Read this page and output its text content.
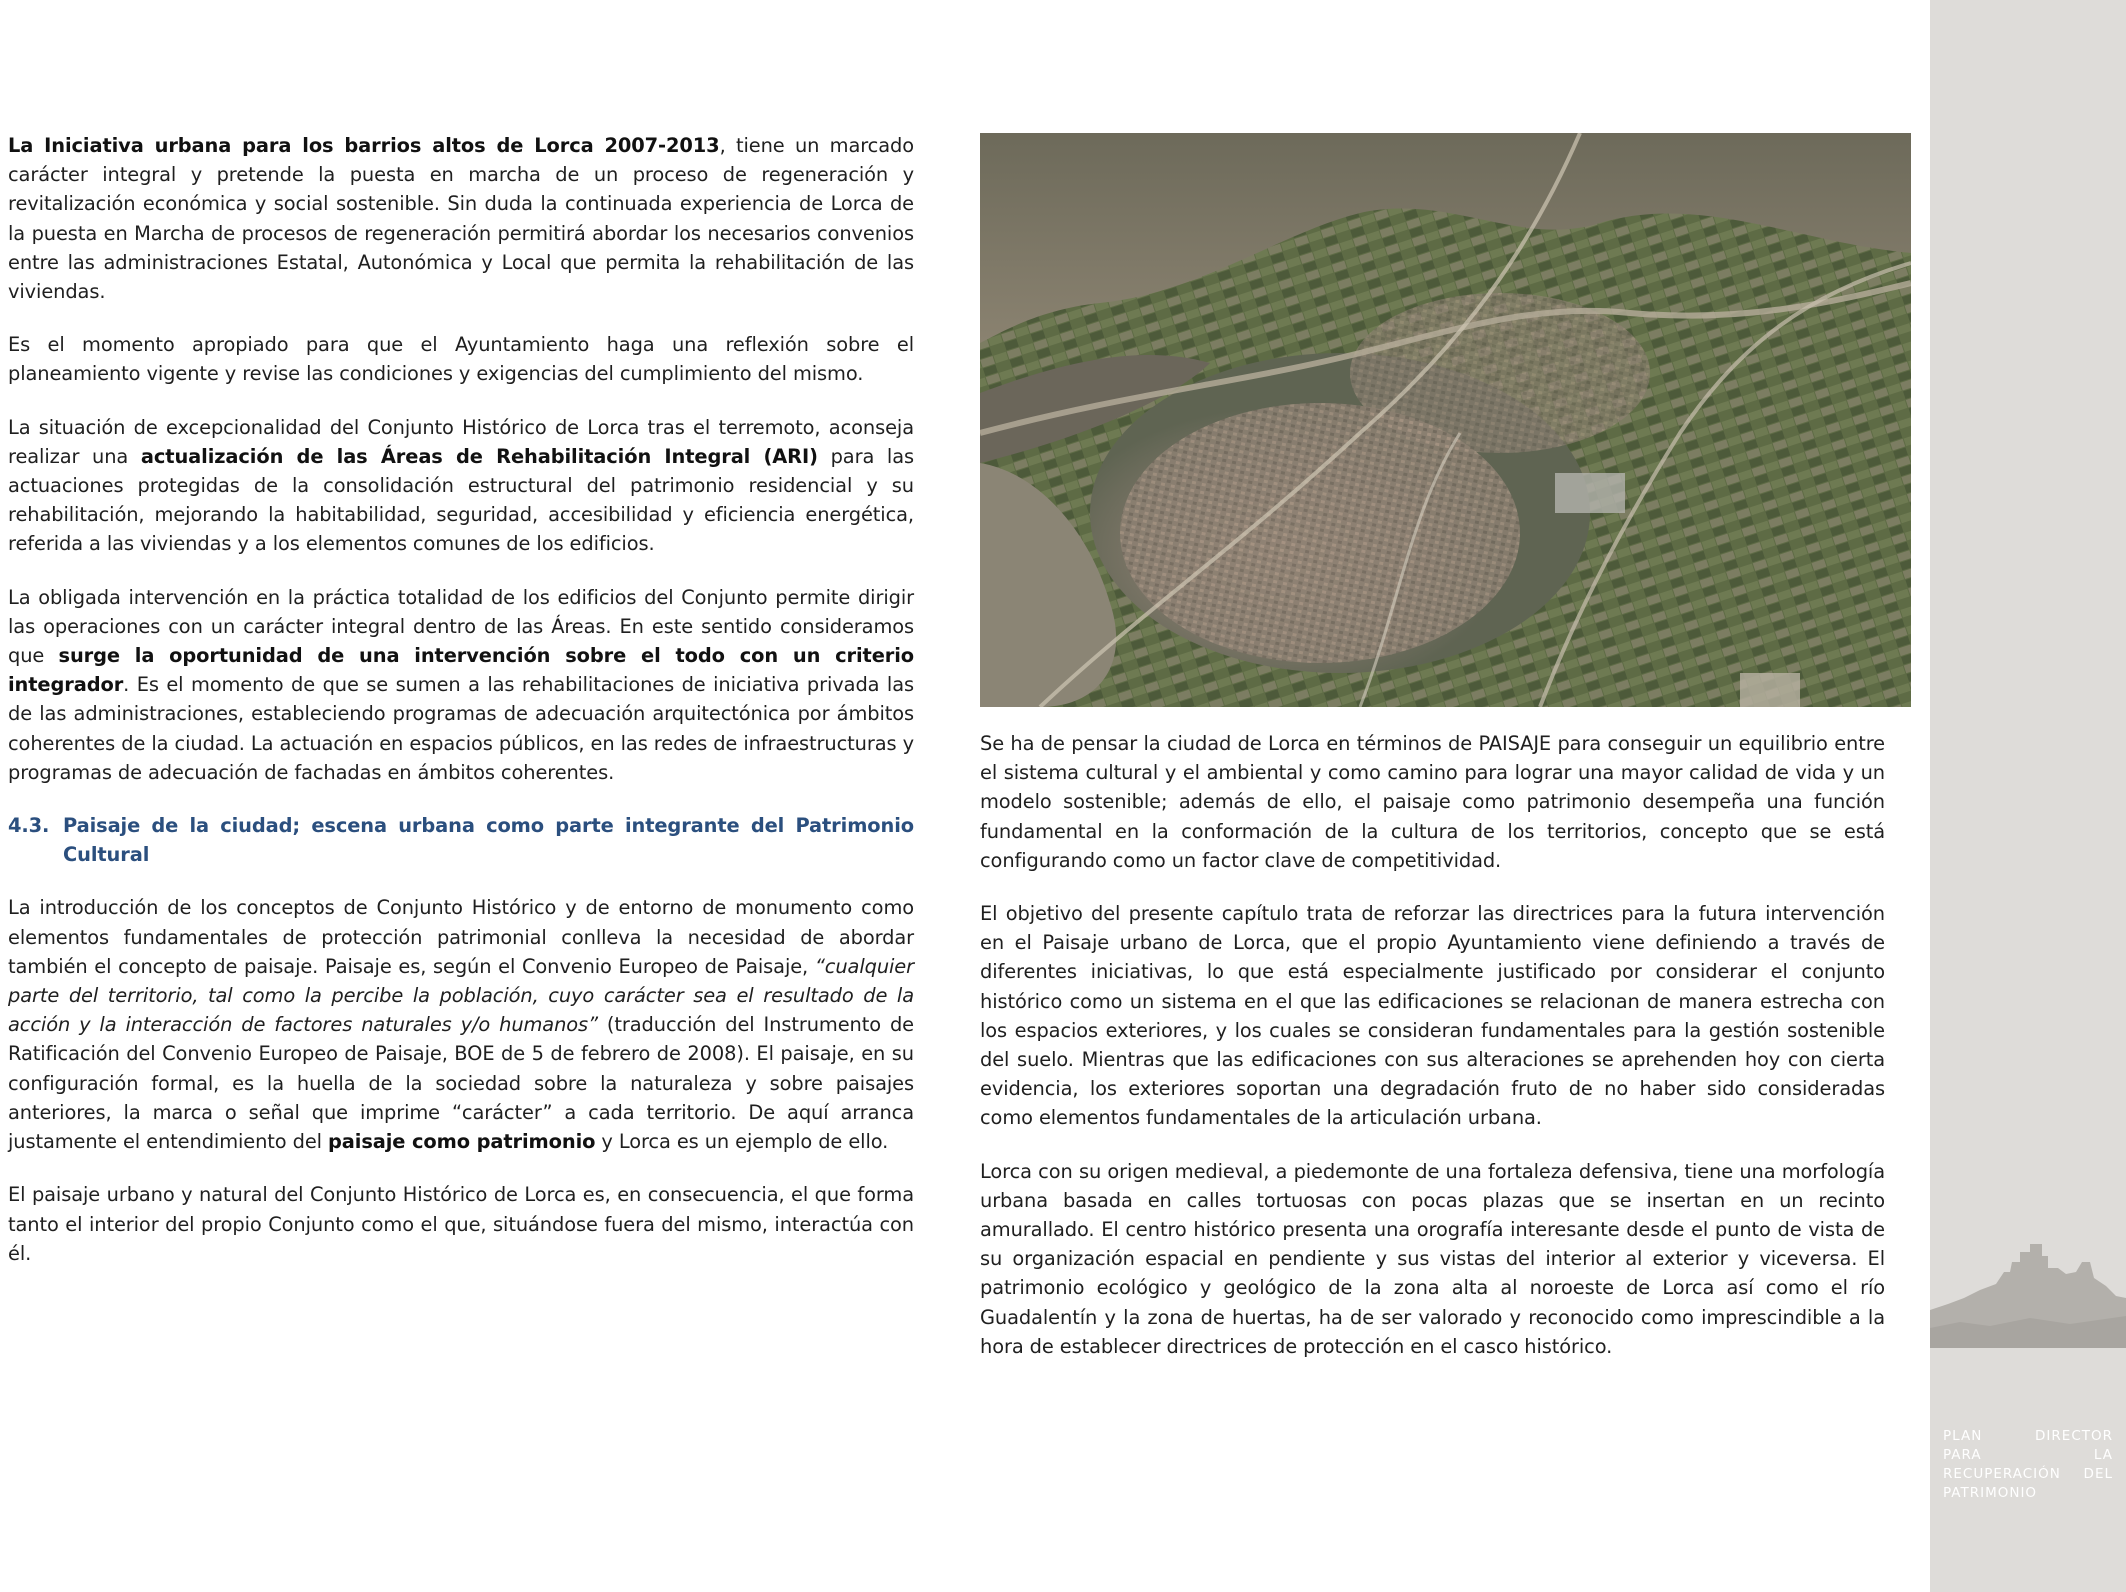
La Iniciativa urbana para los barrios altos de Lorca 2007-2013, tiene un marcado carácter integral y pretende la puesta en marcha de un proceso de regeneración y revitalización económica y social sostenible. Sin duda la continuada experiencia de Lorca de la puesta en Marcha de procesos de regeneración permitirá abordar los necesarios convenios entre las administraciones Estatal, Autonómica y Local que permita la rehabilitación de las viviendas.

Es el momento apropiado para que el Ayuntamiento haga una reflexión sobre el planeamiento vigente y revise las condiciones y exigencias del cumplimiento del mismo.

La situación de excepcionalidad del Conjunto Histórico de Lorca tras el terremoto, aconseja realizar una actualización de las Áreas de Rehabilitación Integral (ARI) para las actuaciones protegidas de la consolidación estructural del patrimonio residencial y su rehabilitación, mejorando la habitabilidad, seguridad, accesibilidad y eficiencia energética, referida a las viviendas y a los elementos comunes de los edificios.

La obligada intervención en la práctica totalidad de los edificios del Conjunto permite dirigir las operaciones con un carácter integral dentro de las Áreas. En este sentido consideramos que surge la oportunidad de una intervención sobre el todo con un criterio integrador. Es el momento de que se sumen a las rehabilitaciones de iniciativa privada las de las administraciones, estableciendo programas de adecuación arquitectónica por ámbitos coherentes de la ciudad. La actuación en espacios públicos, en las redes de infraestructuras y programas de adecuación de fachadas en ámbitos coherentes.

4.3. Paisaje de la ciudad; escena urbana como parte integrante del Patrimonio Cultural

La introducción de los conceptos de Conjunto Histórico y de entorno de monumento como elementos fundamentales de protección patrimonial conlleva la necesidad de abordar también el concepto de paisaje. Paisaje es, según el Convenio Europeo de Paisaje, “cualquier parte del territorio, tal como la percibe la población, cuyo carácter sea el resultado de la acción y la interacción de factores naturales y/o humanos” (traducción del Instrumento de Ratificación del Convenio Europeo de Paisaje, BOE de 5 de febrero de 2008). El paisaje, en su configuración formal, es la huella de la sociedad sobre la naturaleza y sobre paisajes anteriores, la marca o señal que imprime “carácter” a cada territorio. De aquí arranca justamente el entendimiento del paisaje como patrimonio y Lorca es un ejemplo de ello.

El paisaje urbano y natural del Conjunto Histórico de Lorca es, en consecuencia, el que forma tanto el interior del propio Conjunto como el que, situándose fuera del mismo, interactúa con él.

Se ha de pensar la ciudad de Lorca en términos de PAISAJE para conseguir un equilibrio entre el sistema cultural y el ambiental y como camino para lograr una mayor calidad de vida y un modelo sostenible; además de ello, el paisaje como patrimonio desempeña una función fundamental en la conformación de la cultura de los territorios, concepto que se está configurando como un factor clave de competitividad.

El objetivo del presente capítulo trata de reforzar las directrices para la futura intervención en el Paisaje urbano de Lorca, que el propio Ayuntamiento viene definiendo a través de diferentes iniciativas, lo que está especialmente justificado por considerar el conjunto histórico como un sistema en el que las edificaciones se relacionan de manera estrecha con los espacios exteriores, y los cuales se consideran fundamentales para la gestión sostenible del suelo. Mientras que las edificaciones con sus alteraciones se aprehenden hoy con cierta evidencia, los exteriores soportan una degradación fruto de no haber sido consideradas como elementos fundamentales de la articulación urbana.

Lorca con su origen medieval, a piedemonte de una fortaleza defensiva, tiene una morfología urbana basada en calles tortuosas con pocas plazas que se insertan en un recinto amurallado. El centro histórico presenta una orografía interesante desde el punto de vista de su organización espacial en pendiente y sus vistas del interior al exterior y viceversa. El patrimonio ecológico y geológico de la zona alta al noroeste de Lorca así como el río Guadalentín y la zona de huertas, ha de ser valorado y reconocido como imprescindible a la hora de establecer directrices de protección en el casco histórico.

PLAN	DIRECTOR
PARA	LA
RECUPERACIÓN DEL
PATRIMONIO
